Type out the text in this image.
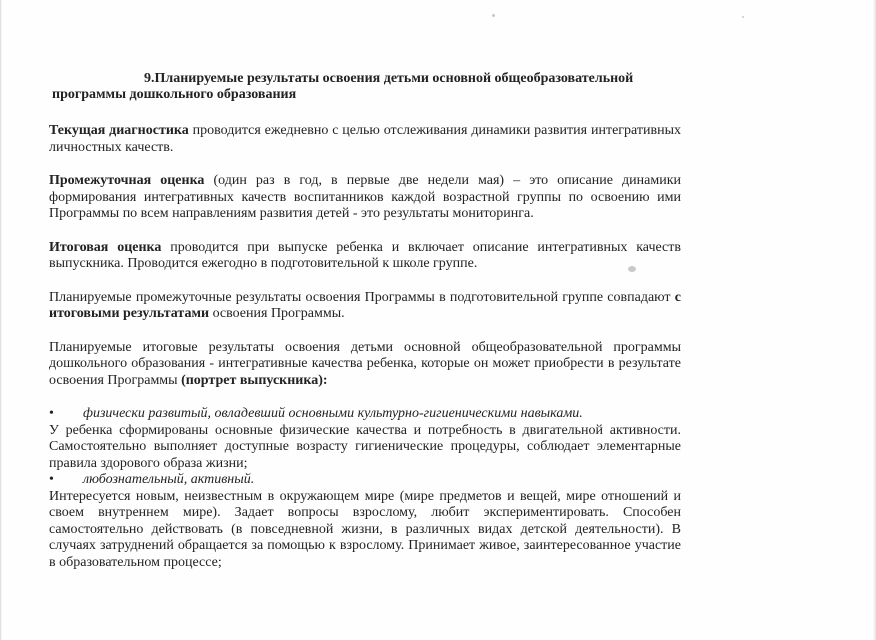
9.Планируемые результаты освоения детьми основной общеобразовательной
программы дошкольного образования

Текущая диагностика проводится ежедневно с целью отслеживания динамики развития интегративных личностных качеств.

Промежуточная оценка (один раз в год, в первые две недели мая) – это описание динамики формирования интегративных качеств воспитанников каждой возрастной группы по освоению ими Программы по всем направлениям развития детей - это результаты мониторинга.

Итоговая оценка проводится при выпуске ребенка и включает описание интегративных качеств выпускника. Проводится ежегодно в подготовительной к школе группе.

Планируемые промежуточные результаты освоения Программы в подготовительной группе совпадают с итоговыми результатами освоения Программы.

Планируемые итоговые результаты освоения детьми основной общеобразовательной программы дошкольного образования - интегративные качества ребенка, которые он может приобрести в результате освоения Программы (портрет выпускника):

•	физически развитый, овладевший основными культурно-гигиеническими навыками.
У ребенка сформированы основные физические качества и потребность в двигательной активности. Самостоятельно выполняет доступные возрасту гигиенические процедуры, соблюдает элементарные правила здорового образа жизни;
•	любознательный, активный.
Интересуется новым, неизвестным в окружающем мире (мире предметов и вещей, мире отношений и своем внутреннем мире). Задает вопросы взрослому, любит экспериментировать. Способен самостоятельно действовать (в повседневной жизни, в различных видах детской деятельности). В случаях затруднений обращается за помощью к взрослому. Принимает живое, заинтересованное участие в образовательном процессе;
